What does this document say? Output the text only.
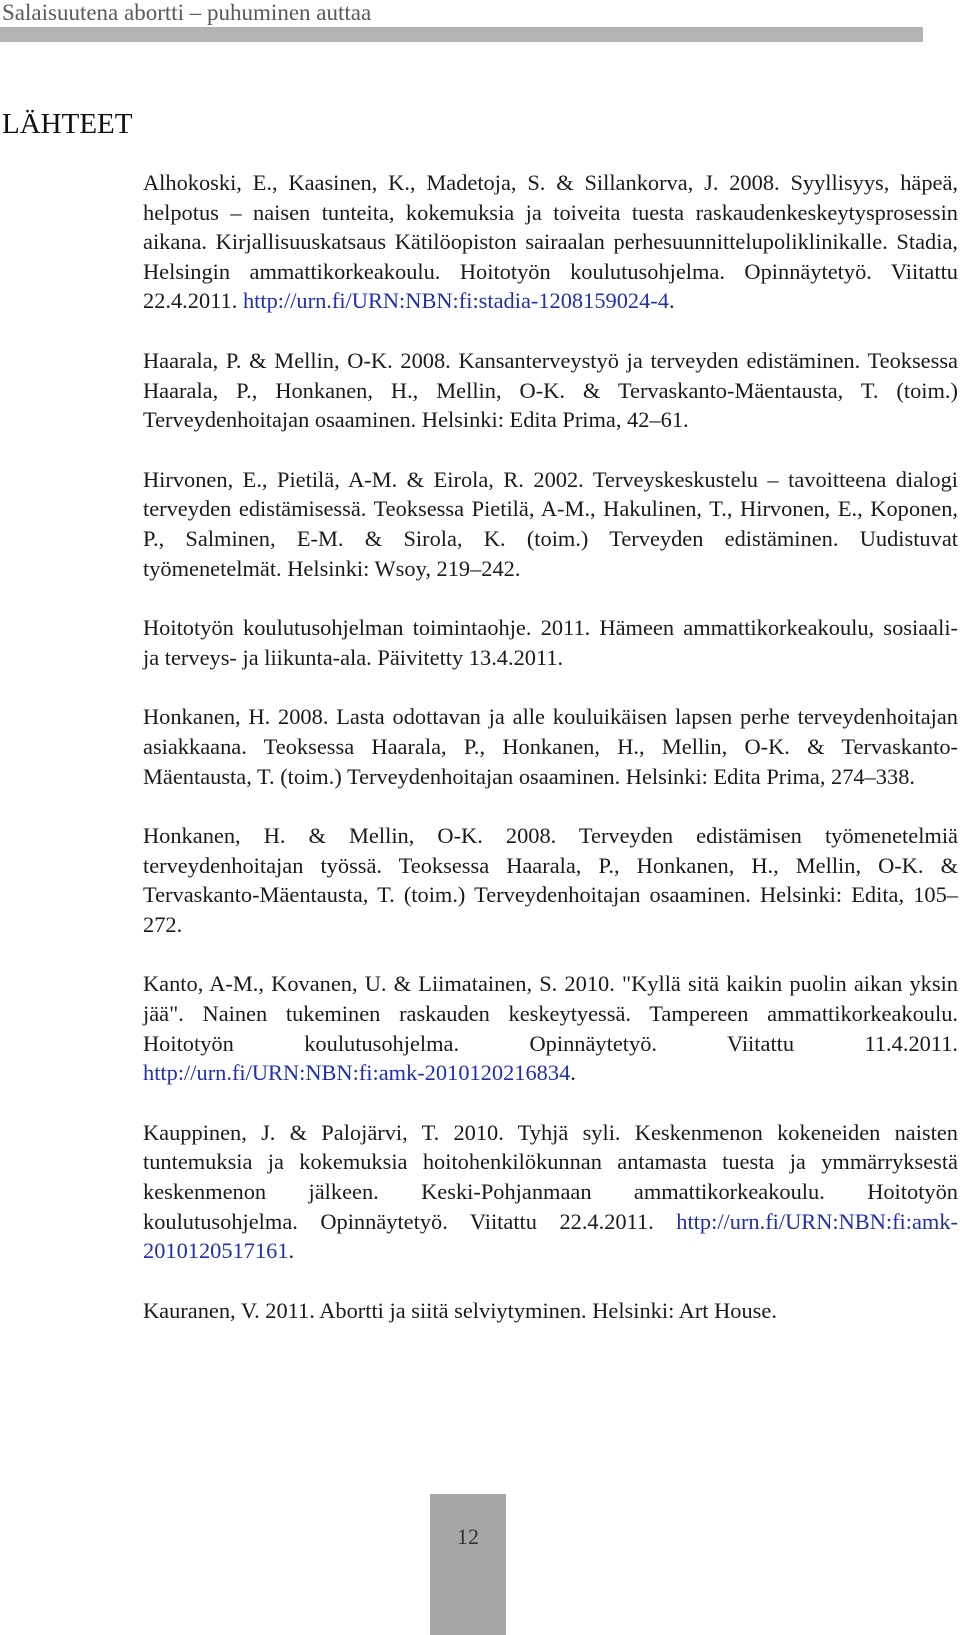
Salaisuutena abortti – puhuminen auttaa
LÄHTEET

Alhokoski, E., Kaasinen, K., Madetoja, S. & Sillankorva, J. 2008. Syyllisyys, häpeä, helpotus – naisen tunteita, kokemuksia ja toiveita tuesta raskaudenkeskeytysprosessin aikana. Kirjallisuuskatsaus Kätilöopiston sairaalan perhesuunnittelupoliklinikalle. Stadia, Helsingin ammattikorkeakoulu. Hoitotyön koulutusohjelma. Opinnäytetyö. Viitattu 22.4.2011. http://urn.fi/URN:NBN:fi:stadia-1208159024-4.

Haarala, P. & Mellin, O-K. 2008. Kansanterveystyö ja terveyden edistäminen. Teoksessa Haarala, P., Honkanen, H., Mellin, O-K. & Tervaskanto-Mäentausta, T. (toim.) Terveydenhoitajan osaaminen. Helsinki: Edita Prima, 42–61.

Hirvonen, E., Pietilä, A-M. & Eirola, R. 2002. Terveyskeskustelu – tavoitteena dialogi terveyden edistämisessä. Teoksessa Pietilä, A-M., Hakulinen, T., Hirvonen, E., Koponen, P., Salminen, E-M. & Sirola, K. (toim.) Terveyden edistäminen. Uudistuvat työmenetelmät. Helsinki: Wsoy, 219–242.

Hoitotyön koulutusohjelman toimintaohje. 2011. Hämeen ammattikorkeakoulu, sosiaali- ja terveys- ja liikunta-ala. Päivitetty 13.4.2011.

Honkanen, H. 2008. Lasta odottavan ja alle kouluikäisen lapsen perhe terveydenhoitajan asiakkaana. Teoksessa Haarala, P., Honkanen, H., Mellin, O-K. & Tervaskanto-Mäentausta, T. (toim.) Terveydenhoitajan osaaminen. Helsinki: Edita Prima, 274–338.

Honkanen, H. & Mellin, O-K. 2008. Terveyden edistämisen työmenetelmiä terveydenhoitajan työssä. Teoksessa Haarala, P., Honkanen, H., Mellin, O-K. & Tervaskanto-Mäentausta, T. (toim.) Terveydenhoitajan osaaminen. Helsinki: Edita, 105–272.

Kanto, A-M., Kovanen, U. & Liimatainen, S. 2010. "Kyllä sitä kaikin puolin aikan yksin jää". Nainen tukeminen raskauden keskeytyessä. Tampereen ammattikorkeakoulu. Hoitotyön koulutusohjelma. Opinnäytetyö. Viitattu 11.4.2011. http://urn.fi/URN:NBN:fi:amk-2010120216834.

Kauppinen, J. & Palojärvi, T. 2010. Tyhjä syli. Keskenmenon kokeneiden naisten tuntemuksia ja kokemuksia hoitohenkilökunnan antamasta tuesta ja ymmärryksestä keskenmenon jälkeen. Keski-Pohjanmaan ammattikorkeakoulu. Hoitotyön koulutusohjelma. Opinnäytetyö. Viitattu 22.4.2011. http://urn.fi/URN:NBN:fi:amk-2010120517161.

Kauranen, V. 2011. Abortti ja siitä selviytyminen. Helsinki: Art House.

12
